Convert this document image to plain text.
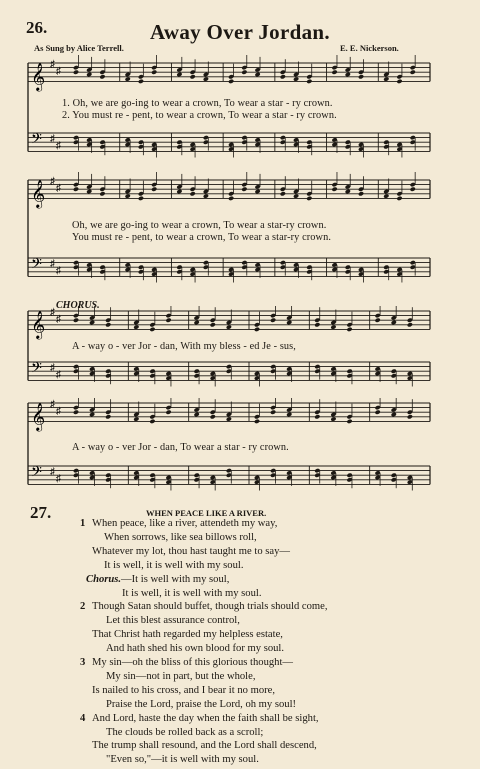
26.	Away Over Jordan.
As Sung by Alice Terrell.	E. E. Nickerson.
𝄞
𝄢
♯
♯
♯
♯
1. Oh, we are go-ing to wear a crown, To wear a star - ry crown.
2. You must re - pent, to wear a crown, To wear a star - ry crown.
𝄞
𝄢
♯
♯
♯
♯
Oh, we are go-ing to wear a crown, To wear a star-ry crown.
You must re - pent, to wear a crown, To wear a star-ry crown.
CHORUS.
𝄞
𝄢
♯
♯
♯
♯
A - way o - ver Jor - dan, With my bless - ed Je - sus,
𝄞
𝄢
♯
♯
♯
♯
A - way o - ver Jor - dan, To wear a star - ry crown.
27.	WHEN PEACE LIKE A RIVER.
1 When peace, like a river, attendeth my way,
When sorrows, like sea billows roll,
Whatever my lot, thou hast taught me to say—
It is well, it is well with my soul.
Chorus.—It is well with my soul,
It is well, it is well with my soul.
2 Though Satan should buffet, though trials should come,
Let this blest assurance control,
That Christ hath regarded my helpless estate,
And hath shed his own blood for my soul.
3 My sin—oh the bliss of this glorious thought—
My sin—not in part, but the whole,
Is nailed to his cross, and I bear it no more,
Praise the Lord, praise the Lord, oh my soul!
4 And Lord, haste the day when the faith shall be sight,
The clouds be rolled back as a scroll;
The trump shall resound, and the Lord shall descend,
"Even so,"—it is well with my soul.
